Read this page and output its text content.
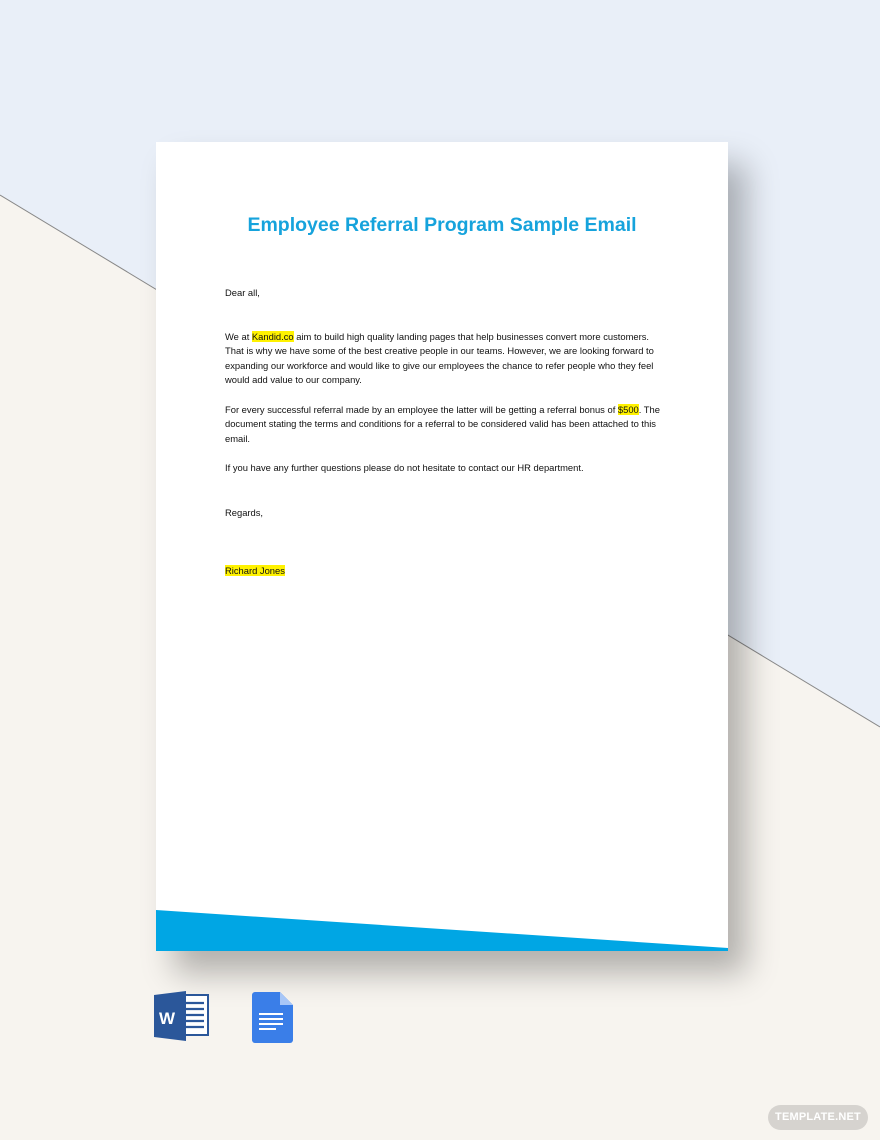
Employee Referral Program Sample Email

Dear all,

We at Kandid.co aim to build high quality landing pages that help businesses convert more customers. That is why we have some of the best creative people in our teams. However, we are looking forward to expanding our workforce and would like to give our employees the chance to refer people who they feel would add value to our company.

For every successful referral made by an employee the latter will be getting a referral bonus of $500. The document stating the terms and conditions for a referral to be considered valid has been attached to this email.

If you have any further questions please do not hesitate to contact our HR department.

Regards,

Richard Jones

W
TEMPLATE.NET
